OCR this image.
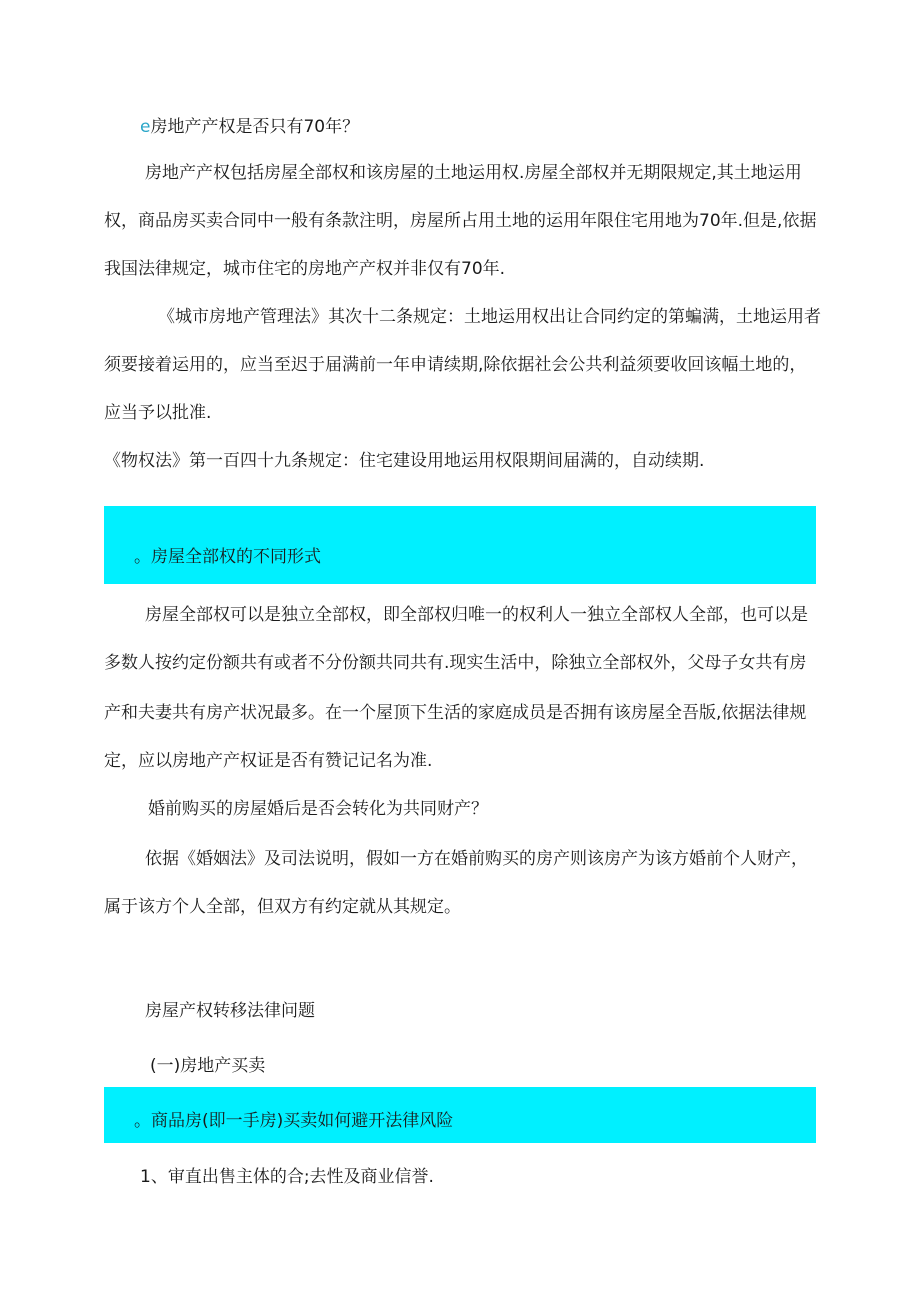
e房地产产权是否只有70年？
房地产产权包括房屋全部权和该房屋的土地运用权.房屋全部权并无期限规定,其土地运用
权，商品房买卖合同中一般有条款注明，房屋所占用土地的运用年限住宅用地为70年.但是,依据
我国法律规定，城市住宅的房地产产权并非仅有70年.
《城市房地产管理法》其次十二条规定：土地运用权出让合同约定的第蝙满，土地运用者
须要接着运用的，应当至迟于届满前一年申请续期,除依据社会公共利益须要收回该幅土地的，
应当予以批准.
《物权法》第一百四十九条规定：住宅建设用地运用权限期间届满的，自动续期.
。房屋全部权的不同形式
房屋全部权可以是独立全部权，即全部权归唯一的权利人一独立全部权人全部，也可以是
多数人按约定份额共有或者不分份额共同共有.现实生活中，除独立全部权外，父母子女共有房
产和夫妻共有房产状况最多。在一个屋顶下生活的家庭成员是否拥有该房屋全吾版,依据法律规
定，应以房地产产权证是否有赞记记名为准.
婚前购买的房屋婚后是否会转化为共同财产？
依据《婚姻法》及司法说明，假如一方在婚前购买的房产则该房产为该方婚前个人财产，
属于该方个人全部，但双方有约定就从其规定。
房屋产权转移法律问题
(一)房地产买卖
。商品房(即一手房)买卖如何避开法律风险
1、审直出售主体的合;去性及商业信誉.
